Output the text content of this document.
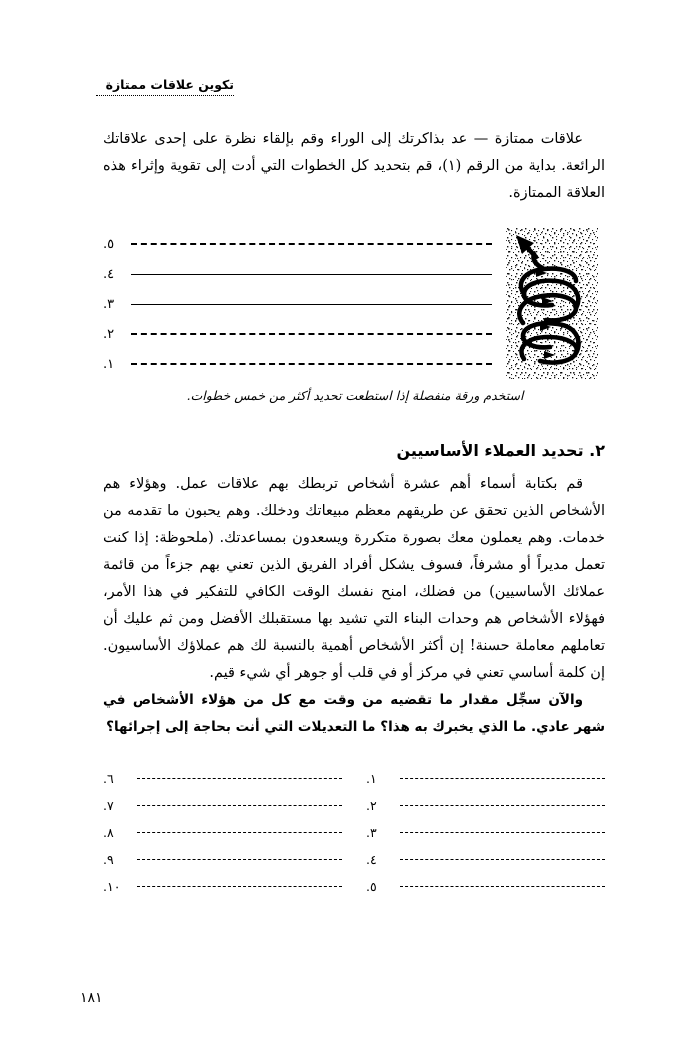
تكوين علاقات ممتازة

علاقات ممتازة — عد بذاكرتك إلى الوراء وقم بإلقاء نظرة على إحدى علاقاتك الرائعة. بداية من الرقم (١)، قم بتحديد كل الخطوات التي أدت إلى تقوية وإثراء هذه العلاقة الممتازة.

٥.
٤.
٣.
٢.
١.
استخدم ورقة منفصلة إذا استطعت تحديد أكثر من خمس خطوات.
٢. تحديد العملاء الأساسيين

قم بكتابة أسماء أهم عشرة أشخاص تربطك بهم علاقات عمل. وهؤلاء هم الأشخاص الذين تحقق عن طريقهم معظم مبيعاتك ودخلك. وهم يحبون ما تقدمه من خدمات. وهم يعملون معك بصورة متكررة ويسعدون بمساعدتك. (ملحوظة: إذا كنت تعمل مديراً أو مشرفاً، فسوف يشكل أفراد الفريق الذين تعني بهم جزءاً من قائمة عملائك الأساسيين) من فضلك، امنح نفسك الوقت الكافي للتفكير في هذا الأمر، فهؤلاء الأشخاص هم وحدات البناء التي تشيد بها مستقبلك الأفضل ومن ثم عليك أن تعاملهم معاملة حسنة! إن أكثر الأشخاص أهمية بالنسبة لك هم عملاؤك الأساسيون. إن كلمة أساسي تعني في مركز أو في قلب أو جوهر أي شيء قيم.

والآن سجِّل مقدار ما تقضيه من وقت مع كل من هؤلاء الأشخاص في شهر عادي. ما الذي يخبرك به هذا؟ ما التعديلات التي أنت بحاجة إلى إجرائها؟

١.
٢.
٣.
٤.
٥.
٦.
٧.
٨.
٩.
١٠.
١٨١
